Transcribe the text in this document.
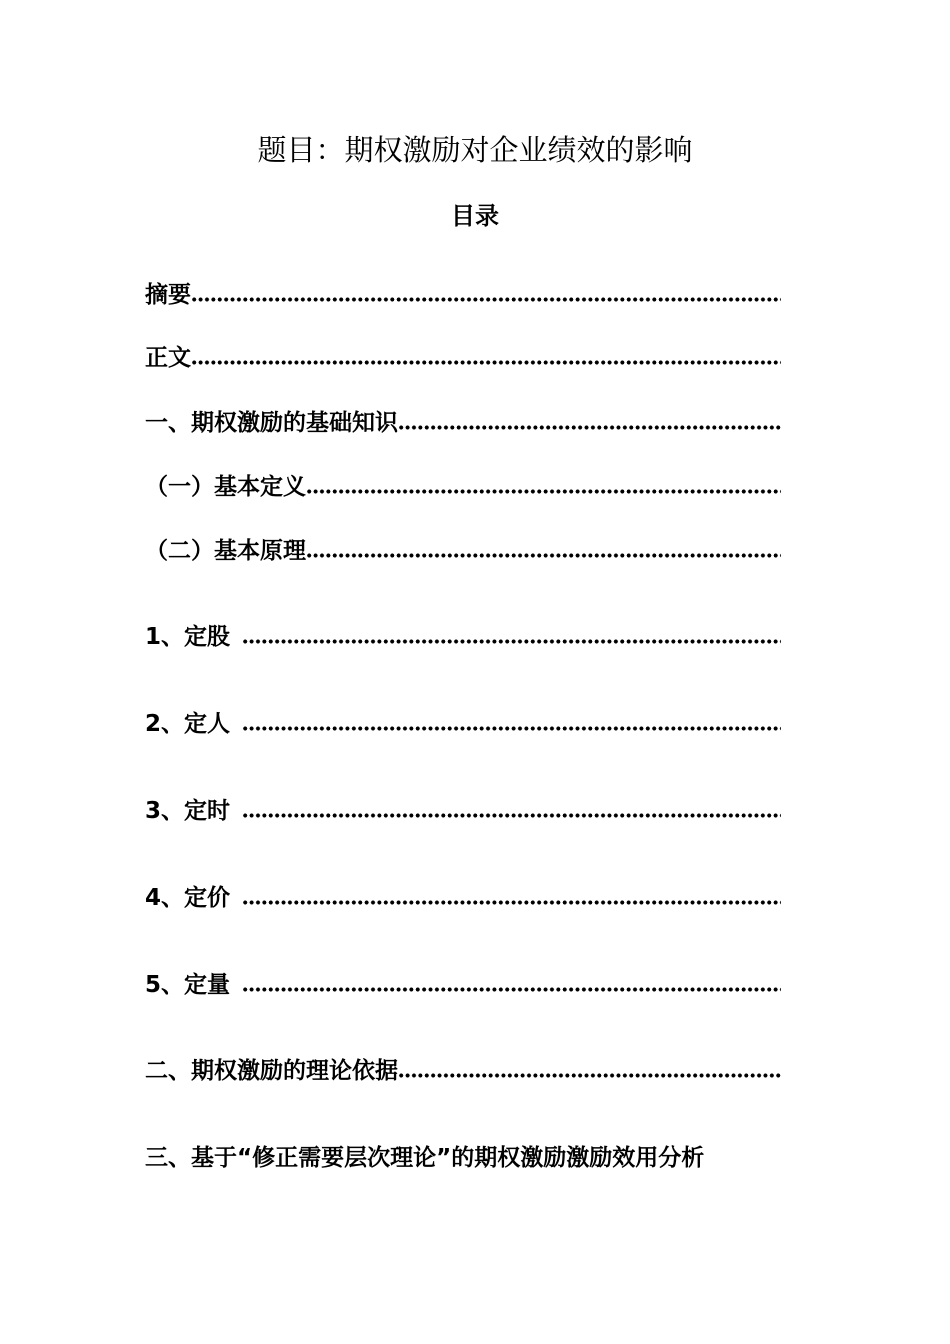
题目：期权激励对企业绩效的影响
目录
摘要
正文
一、期权激励的基础知识
（一）基本定义
（二）基本原理
1、定股
2、定人
3、定时
4、定价
5、定量
二、期权激励的理论依据
三、基于“修正需要层次理论”的期权激励激励效用分析
